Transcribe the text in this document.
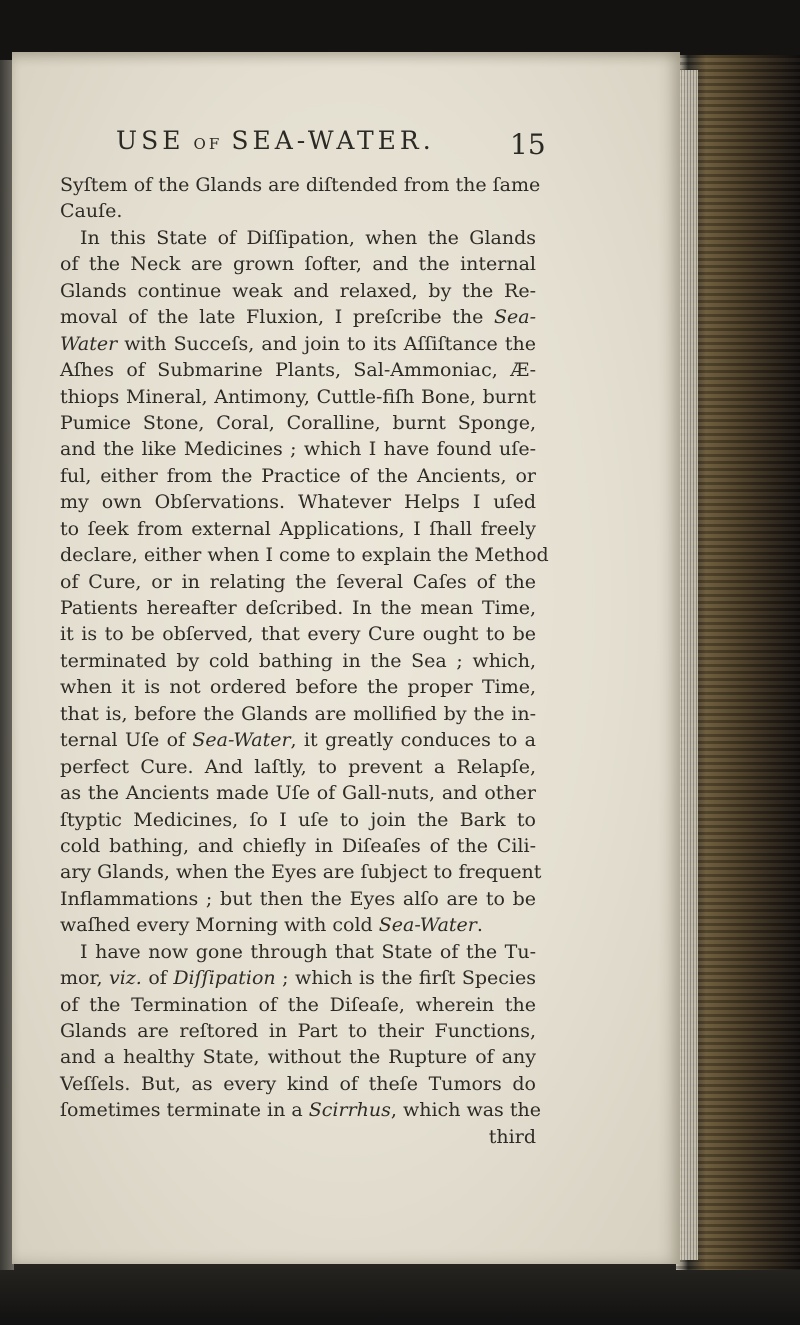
USE OF SEA-WATER.	15
Syſtem of the Glands are diſtended from the ſame
Cauſe.
In this State of Diſſipation, when the Glands
of the Neck are grown ſofter, and the internal
Glands continue weak and relaxed, by the Re-
moval of the late Fluxion, I preſcribe the Sea-
Water with Succeſs, and join to its Aſſiſtance the
Aſhes of Submarine Plants, Sal-Ammoniac, Æ-
thiops Mineral, Antimony, Cuttle-fiſh Bone, burnt
Pumice Stone, Coral, Coralline, burnt Sponge,
and the like Medicines ; which I have found uſe-
ful, either from the Practice of the Ancients, or
my own Obſervations. Whatever Helps I uſed
to ſeek from external Applications, I ſhall freely
declare, either when I come to explain the Method
of Cure, or in relating the ſeveral Caſes of the
Patients hereafter deſcribed. In the mean Time,
it is to be obſerved, that every Cure ought to be
terminated by cold bathing in the Sea ; which,
when it is not ordered before the proper Time,
that is, before the Glands are mollified by the in-
ternal Uſe of Sea-Water, it greatly conduces to a
perfect Cure. And laſtly, to prevent a Relapſe,
as the Ancients made Uſe of Gall-nuts, and other
ſtyptic Medicines, ſo I uſe to join the Bark to
cold bathing, and chiefly in Diſeaſes of the Cili-
ary Glands, when the Eyes are ſubject to frequent
Inflammations ; but then the Eyes alſo are to be
waſhed every Morning with cold Sea-Water.
I have now gone through that State of the Tu-
mor, viz. of Diſſipation ; which is the firſt Species
of the Termination of the Diſeaſe, wherein the
Glands are reſtored in Part to their Functions,
and a healthy State, without the Rupture of any
Veſſels. But, as every kind of theſe Tumors do
ſometimes terminate in a Scirrhus, which was the
third
